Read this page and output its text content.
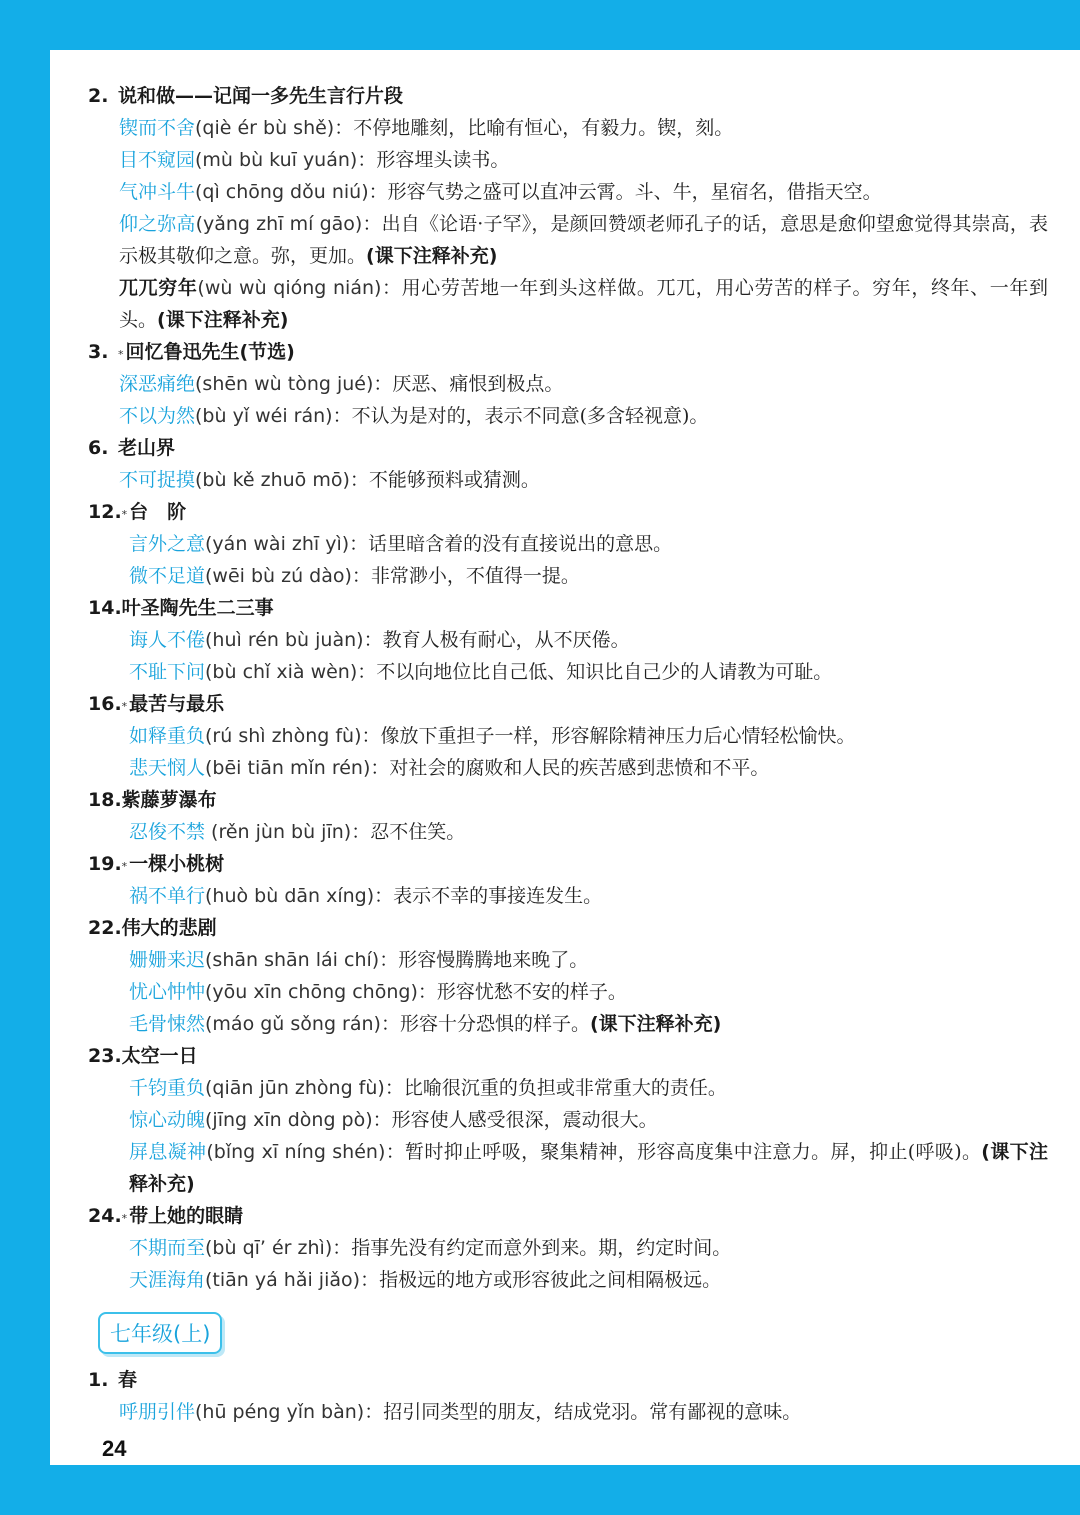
2. 说和做——记闻一多先生言行片段
锲而不舍(qiè ér bù shě)：不停地雕刻，比喻有恒心，有毅力。锲，刻。
目不窥园(mù bù kuī yuán)：形容埋头读书。
气冲斗牛(qì chōng dǒu niú)：形容气势之盛可以直冲云霄。斗、牛，星宿名，借指天空。
仰之弥高(yǎng zhī mí gāo)：出自《论语·子罕》，是颜回赞颂老师孔子的话，意思是愈仰望愈觉得其崇高，表示极其敬仰之意。弥，更加。(课下注释补充)
兀兀穷年(wù wù qióng nián)：用心劳苦地一年到头这样做。兀兀，用心劳苦的样子。穷年，终年、一年到头。(课下注释补充)
3. * 回忆鲁迅先生(节选)
深恶痛绝(shēn wù tòng jué)：厌恶、痛恨到极点。
不以为然(bù yǐ wéi rán)：不认为是对的，表示不同意(多含轻视意)。
6. 老山界
不可捉摸(bù kě zhuō mō)：不能够预料或猜测。
12. * 台　阶
言外之意(yán wài zhī yì)：话里暗含着的没有直接说出的意思。
微不足道(wēi bù zú dào)：非常渺小，不值得一提。
14. 叶圣陶先生二三事
诲人不倦(huì rén bù juàn)：教育人极有耐心，从不厌倦。
不耻下问(bù chǐ xià wèn)：不以向地位比自己低、知识比自己少的人请教为可耻。
16. * 最苦与最乐
如释重负(rú shì zhòng fù)：像放下重担子一样，形容解除精神压力后心情轻松愉快。
悲天悯人(bēi tiān mǐn rén)：对社会的腐败和人民的疾苦感到悲愤和不平。
18. 紫藤萝瀑布
忍俊不禁 (rěn jùn bù jīn)：忍不住笑。
19. * 一棵小桃树
祸不单行(huò bù dān xíng)：表示不幸的事接连发生。
22. 伟大的悲剧
姗姗来迟(shān shān lái chí)：形容慢腾腾地来晚了。
忧心忡忡(yōu xīn chōng chōng)：形容忧愁不安的样子。
毛骨悚然(máo gǔ sǒng rán)：形容十分恐惧的样子。(课下注释补充)
23. 太空一日
千钧重负(qiān jūn zhòng fù)：比喻很沉重的负担或非常重大的责任。
惊心动魄(jīng xīn dòng pò)：形容使人感受很深，震动很大。
屏息凝神(bǐng xī níng shén)：暂时抑止呼吸，聚集精神，形容高度集中注意力。屏，抑止(呼吸)。(课下注释补充)
24. * 带上她的眼睛
不期而至(bù qī’ ér zhì)：指事先没有约定而意外到来。期，约定时间。
天涯海角(tiān yá hǎi jiǎo)：指极远的地方或形容彼此之间相隔极远。
七年级(上)
1. 春
呼朋引伴(hū péng yǐn bàn)：招引同类型的朋友，结成党羽。常有鄙视的意味。
24
